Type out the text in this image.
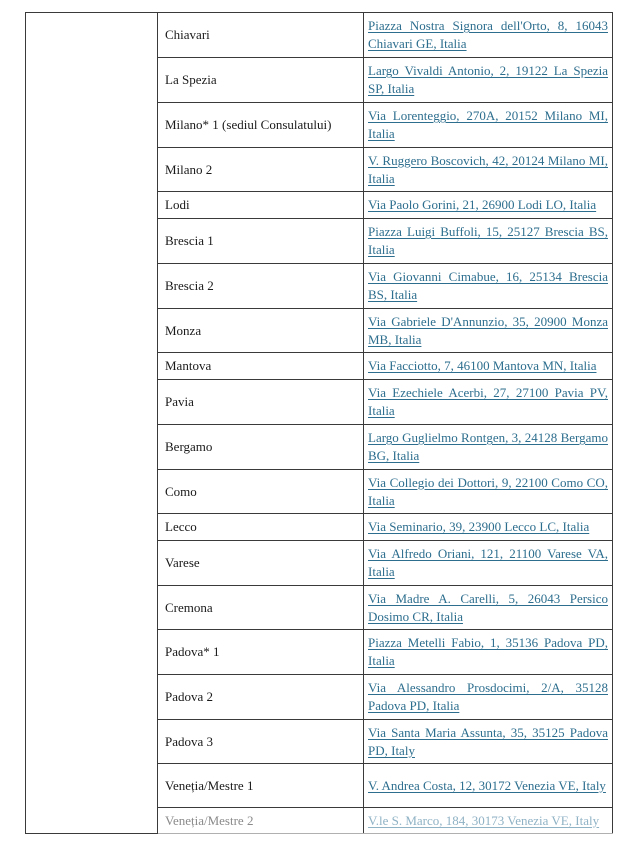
	Chiavari	Piazza Nostra Signora dell'Orto, 8, 16043 Chiavari GE, Italia
	La Spezia	Largo Vivaldi Antonio, 2, 19122 La Spezia SP, Italia
	Milano* 1 (sediul Consulatului)	Via Lorenteggio, 270A, 20152 Milano MI, Italia
	Milano 2	V. Ruggero Boscovich, 42, 20124 Milano MI, Italia
	Lodi	Via Paolo Gorini, 21, 26900 Lodi LO, Italia
	Brescia 1	Piazza Luigi Buffoli, 15, 25127 Brescia BS, Italia
	Brescia 2	Via Giovanni Cimabue, 16, 25134 Brescia BS, Italia
	Monza	Via Gabriele D'Annunzio, 35, 20900 Monza MB, Italia
	Mantova	Via Facciotto, 7, 46100 Mantova MN, Italia
	Pavia	Via Ezechiele Acerbi, 27, 27100 Pavia PV, Italia
	Bergamo	Largo Guglielmo Rontgen, 3, 24128 Bergamo BG, Italia
	Como	Via Collegio dei Dottori, 9, 22100 Como CO, Italia
	Lecco	Via Seminario, 39, 23900 Lecco LC, Italia
	Varese	Via Alfredo Oriani, 121, 21100 Varese VA, Italia
	Cremona	Via Madre A. Carelli, 5, 26043 Persico Dosimo CR, Italia
	Padova* 1	Piazza Metelli Fabio, 1, 35136 Padova PD, Italia
	Padova 2	Via Alessandro Prosdocimi, 2/A, 35128 Padova PD, Italia
	Padova 3	Via Santa Maria Assunta, 35, 35125 Padova PD, Italy
	Veneția/Mestre 1	V. Andrea Costa, 12, 30172 Venezia VE, Italy
	Veneția/Mestre 2	V.le S. Marco, 184, 30173 Venezia VE, Italy
